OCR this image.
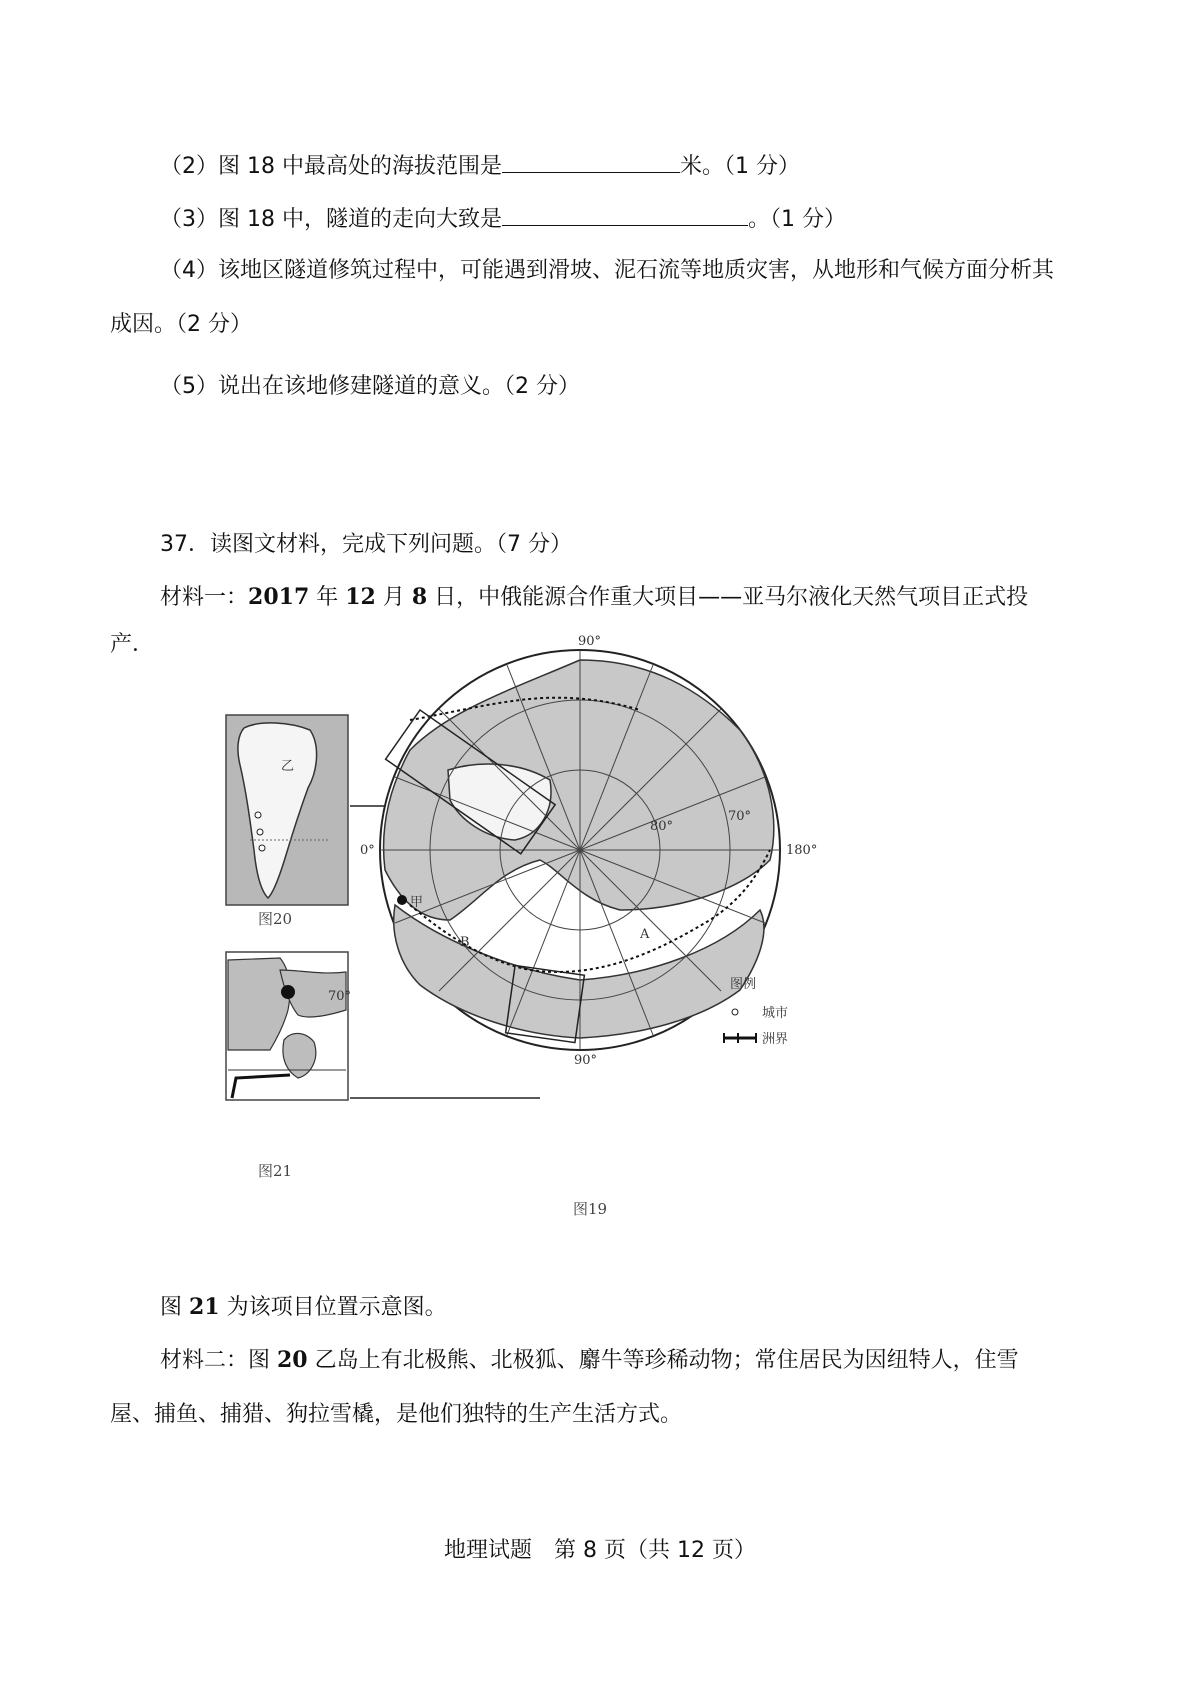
（2）图 18 中最高处的海拔范围是	米。（1 分）
（3）图 18 中，隧道的走向大致是	。（1 分）
（4）该地区隧道修筑过程中，可能遇到滑坡、泥石流等地质灾害，从地形和气候方面分析其
成因。（2 分）
（5）说出在该地修建隧道的意义。（2 分）
37．读图文材料，完成下列问题。（7 分）
材料一：2017 年 12 月 8 日，中俄能源合作重大项目——亚马尔液化天然气项目正式投
产．
乙
70°
甲
A
B
90°
90°
0°	180°
80°
70°
图例
城市
洲界
图20
图21
图19
图 21 为该项目位置示意图。
材料二：图 20 乙岛上有北极熊、北极狐、麝牛等珍稀动物；常住居民为因纽特人，住雪
屋、捕鱼、捕猎、狗拉雪橇，是他们独特的生产生活方式。
地理试题　第 8 页（共 12 页）
